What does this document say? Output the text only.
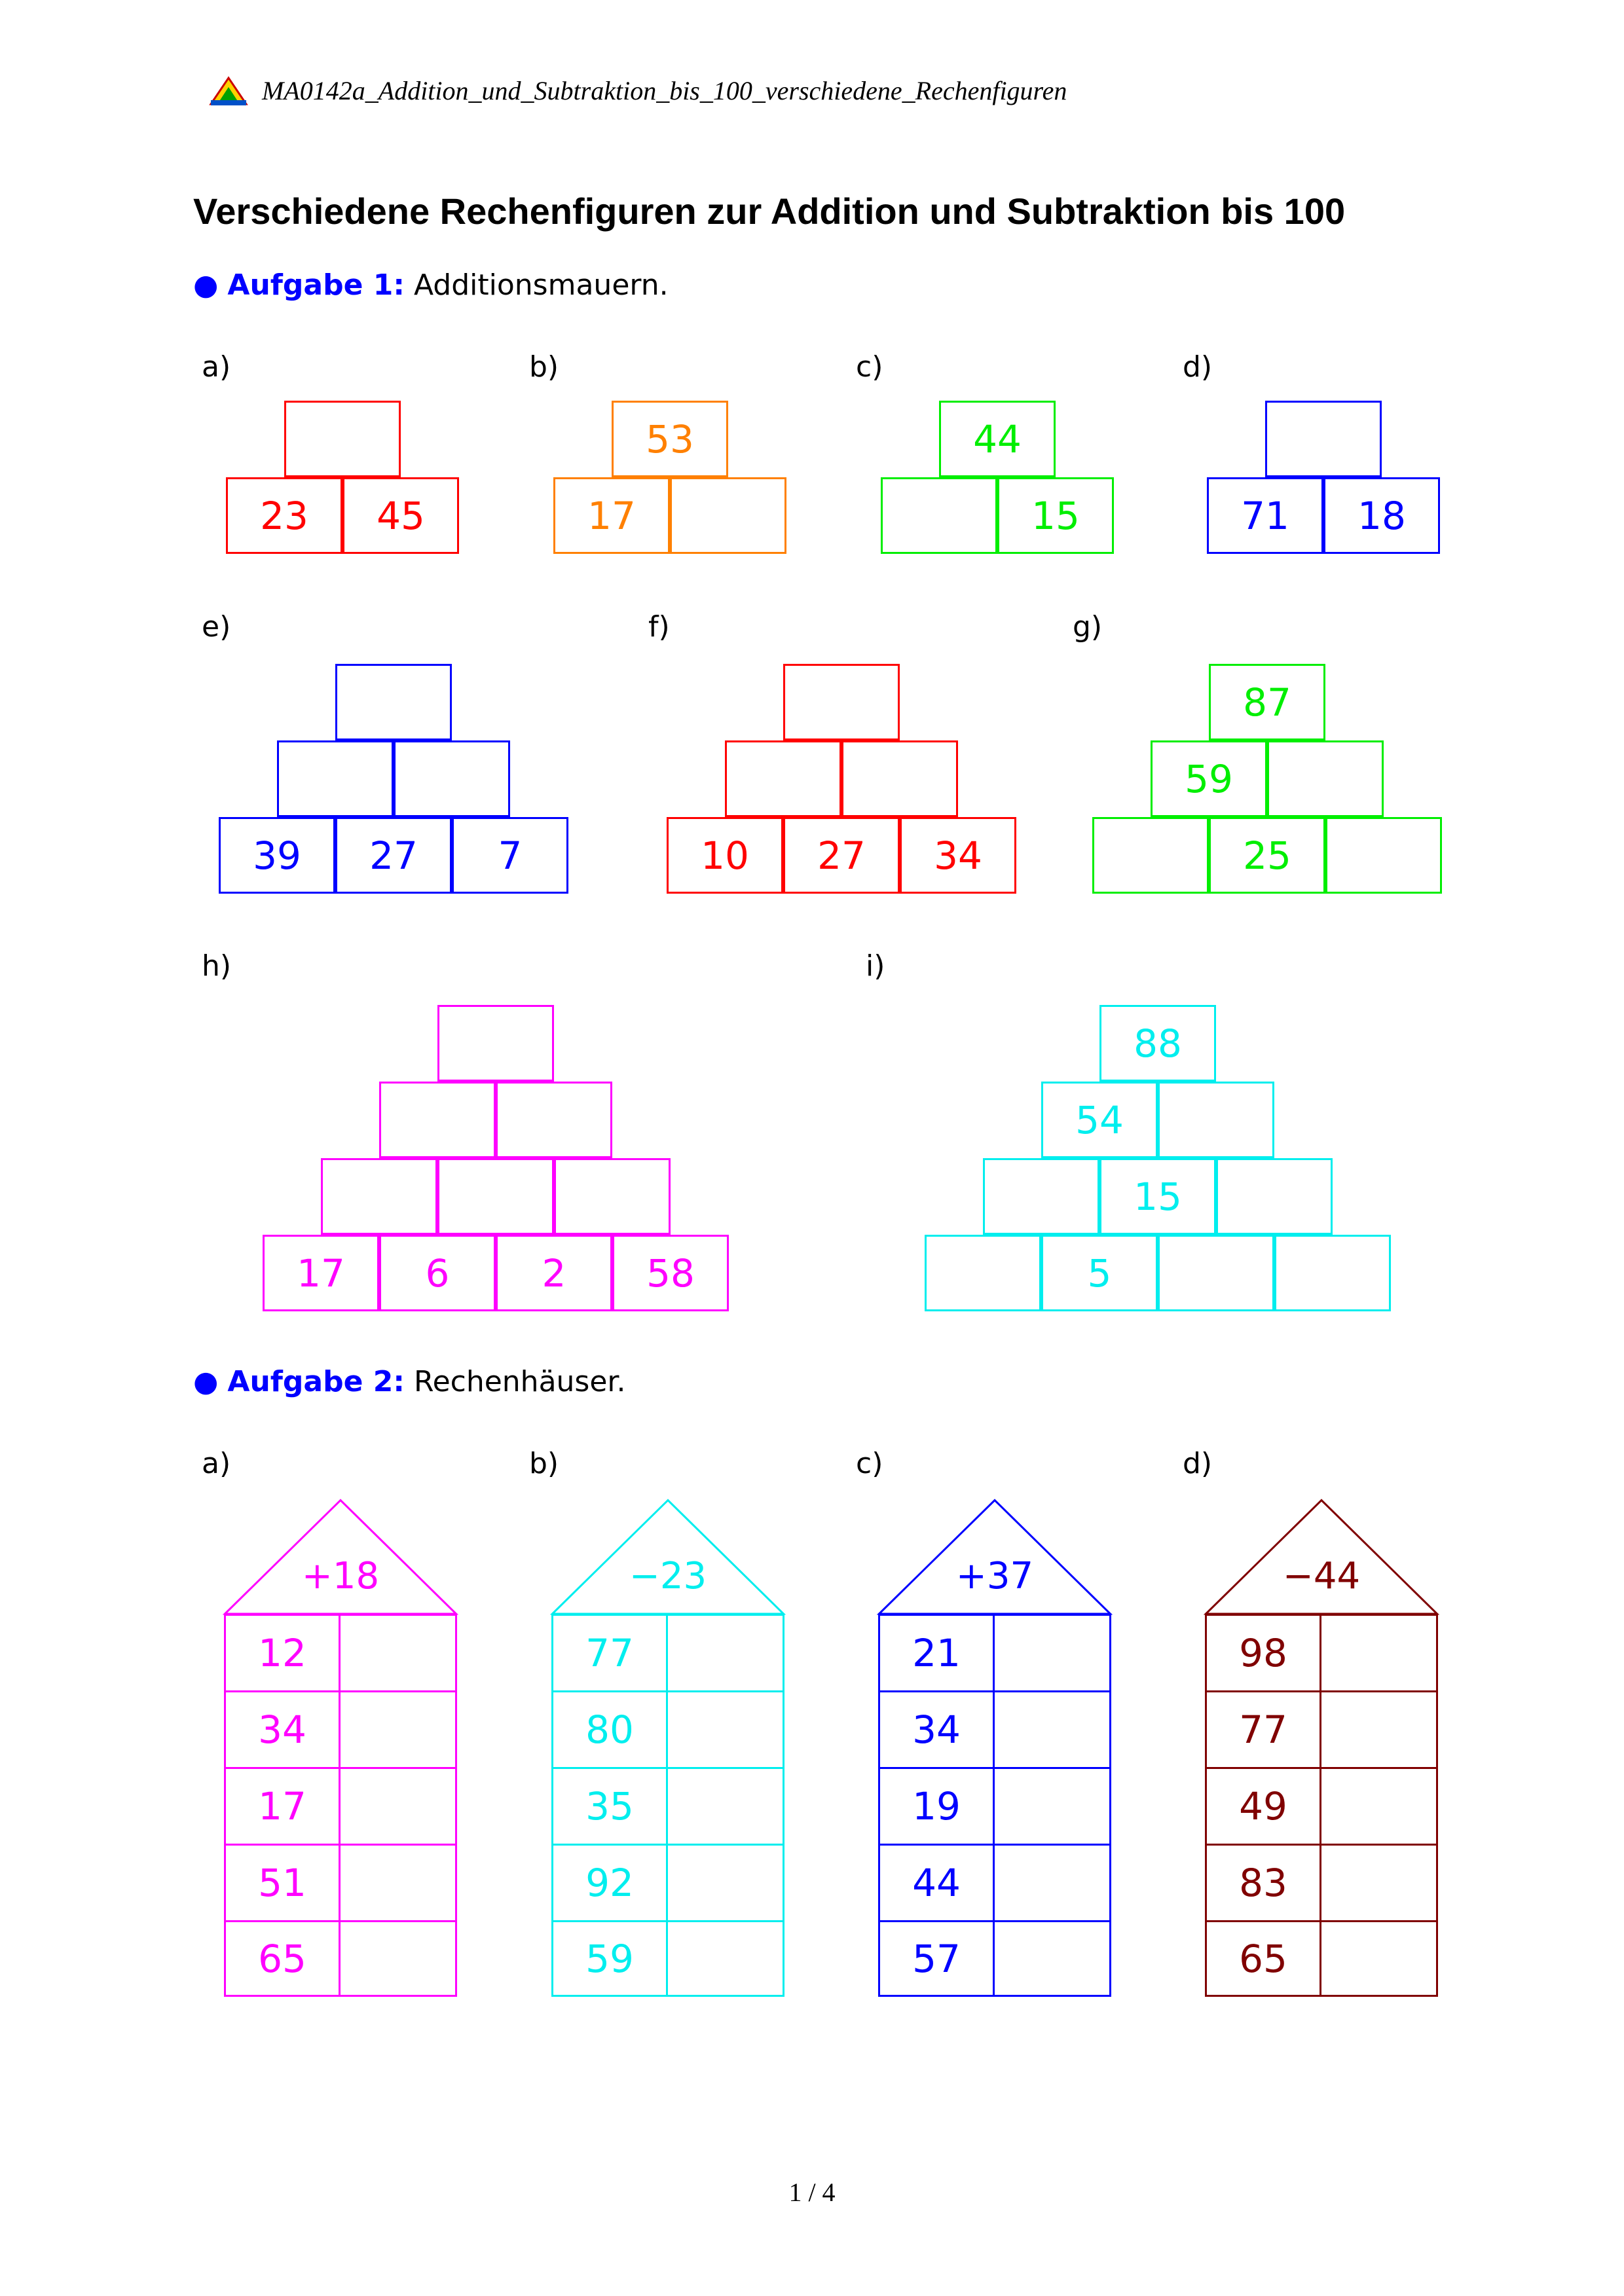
MA0142a_Addition_und_Subtraktion_bis_100_verschiedene_Rechenfiguren
Verschiedene Rechenfiguren zur Addition und Subtraktion bis 100
● Aufgabe 1: Additionsmauern.
a)
23	45
b)
53
17
c)
44
15
d)
71	18
e)
39	27	7
f)
10	27	34
g)
87
59
25
h)
17	6	2	58
i)
88
54
15
5
● Aufgabe 2: Rechenhäuser.
a)
+18
12
34
17
51
65
b)
−23
77
80
35
92
59
c)
+37
21
34
19
44
57
d)
−44
98
77
49
83
65
1 / 4
